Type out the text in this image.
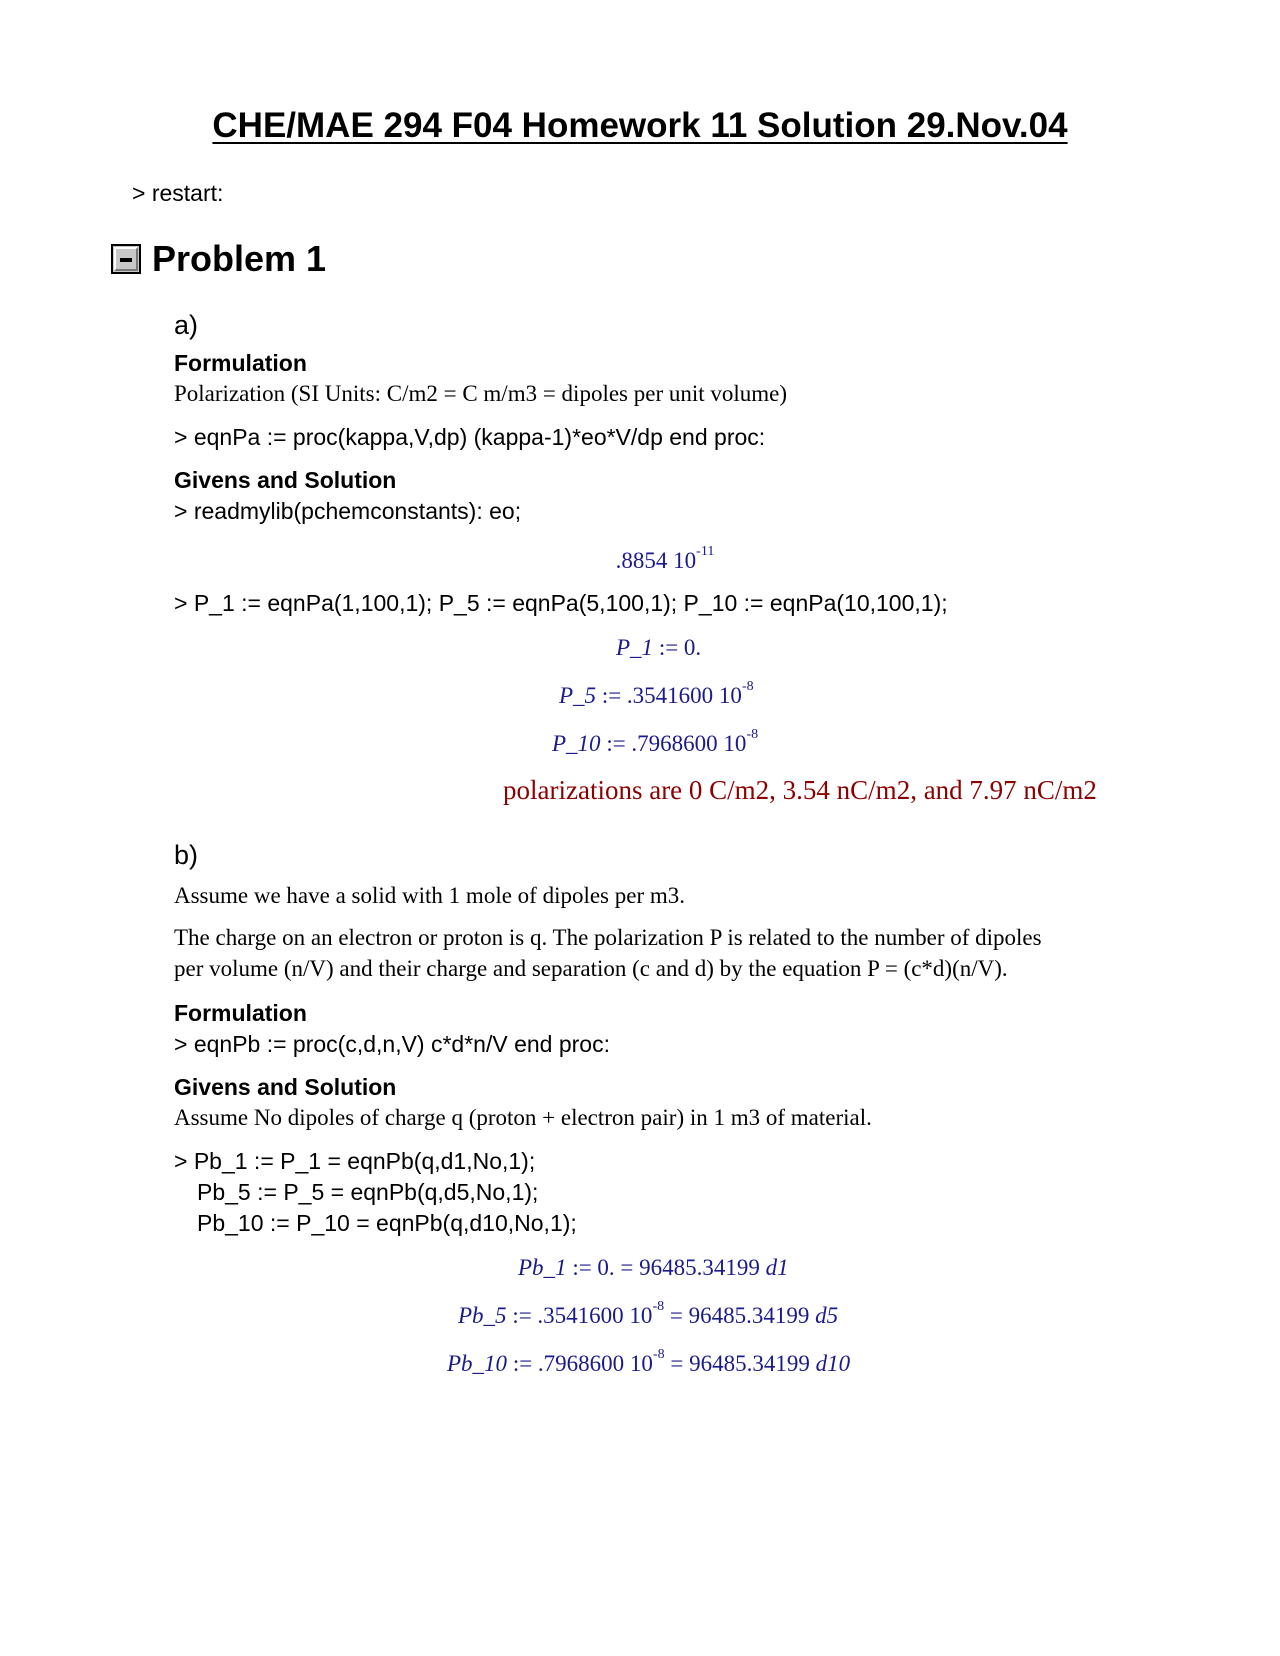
CHE/MAE 294 F04 Homework 11 Solution 29.Nov.04
> restart:
Problem 1
a)
Formulation
Polarization (SI Units: C/m2 = C m/m3 = dipoles per unit volume)
> eqnPa := proc(kappa,V,dp) (kappa-1)*eo*V/dp end proc:
Givens and Solution
> readmylib(pchemconstants): eo;
.8854 $10^{-11}$
> P_1 := eqnPa(1,100,1); P_5 := eqnPa(5,100,1); P_10 := eqnPa(10,100,1);
P_1 := 0.
P_5 := .3541600 $10^{-8}$
P_10 := .7968600 $10^{-8}$
polarizations are 0 C/m2, 3.54 nC/m2, and 7.97 nC/m2
b)
Assume we have a solid with 1 mole of dipoles per m3.
The charge on an electron or proton is q. The polarization P is related to the number of dipoles
per volume (n/V) and their charge and separation (c and d) by the equation P = (c*d)(n/V).
Formulation
> eqnPb := proc(c,d,n,V) c*d*n/V end proc:
Givens and Solution
Assume No dipoles of charge q (proton + electron pair) in 1 m3 of material.
> Pb_1 := P_1 = eqnPb(q,d1,No,1);
Pb_5 := P_5 = eqnPb(q,d5,No,1);
Pb_10 := P_10 = eqnPb(q,d10,No,1);
Pb_1 := 0. = 96485.34199 d1
Pb_5 := .3541600 $10^{-8} = 96485.34199$ d5
Pb_10 := .7968600 $10^{-8} = 96485.34199$ d10
